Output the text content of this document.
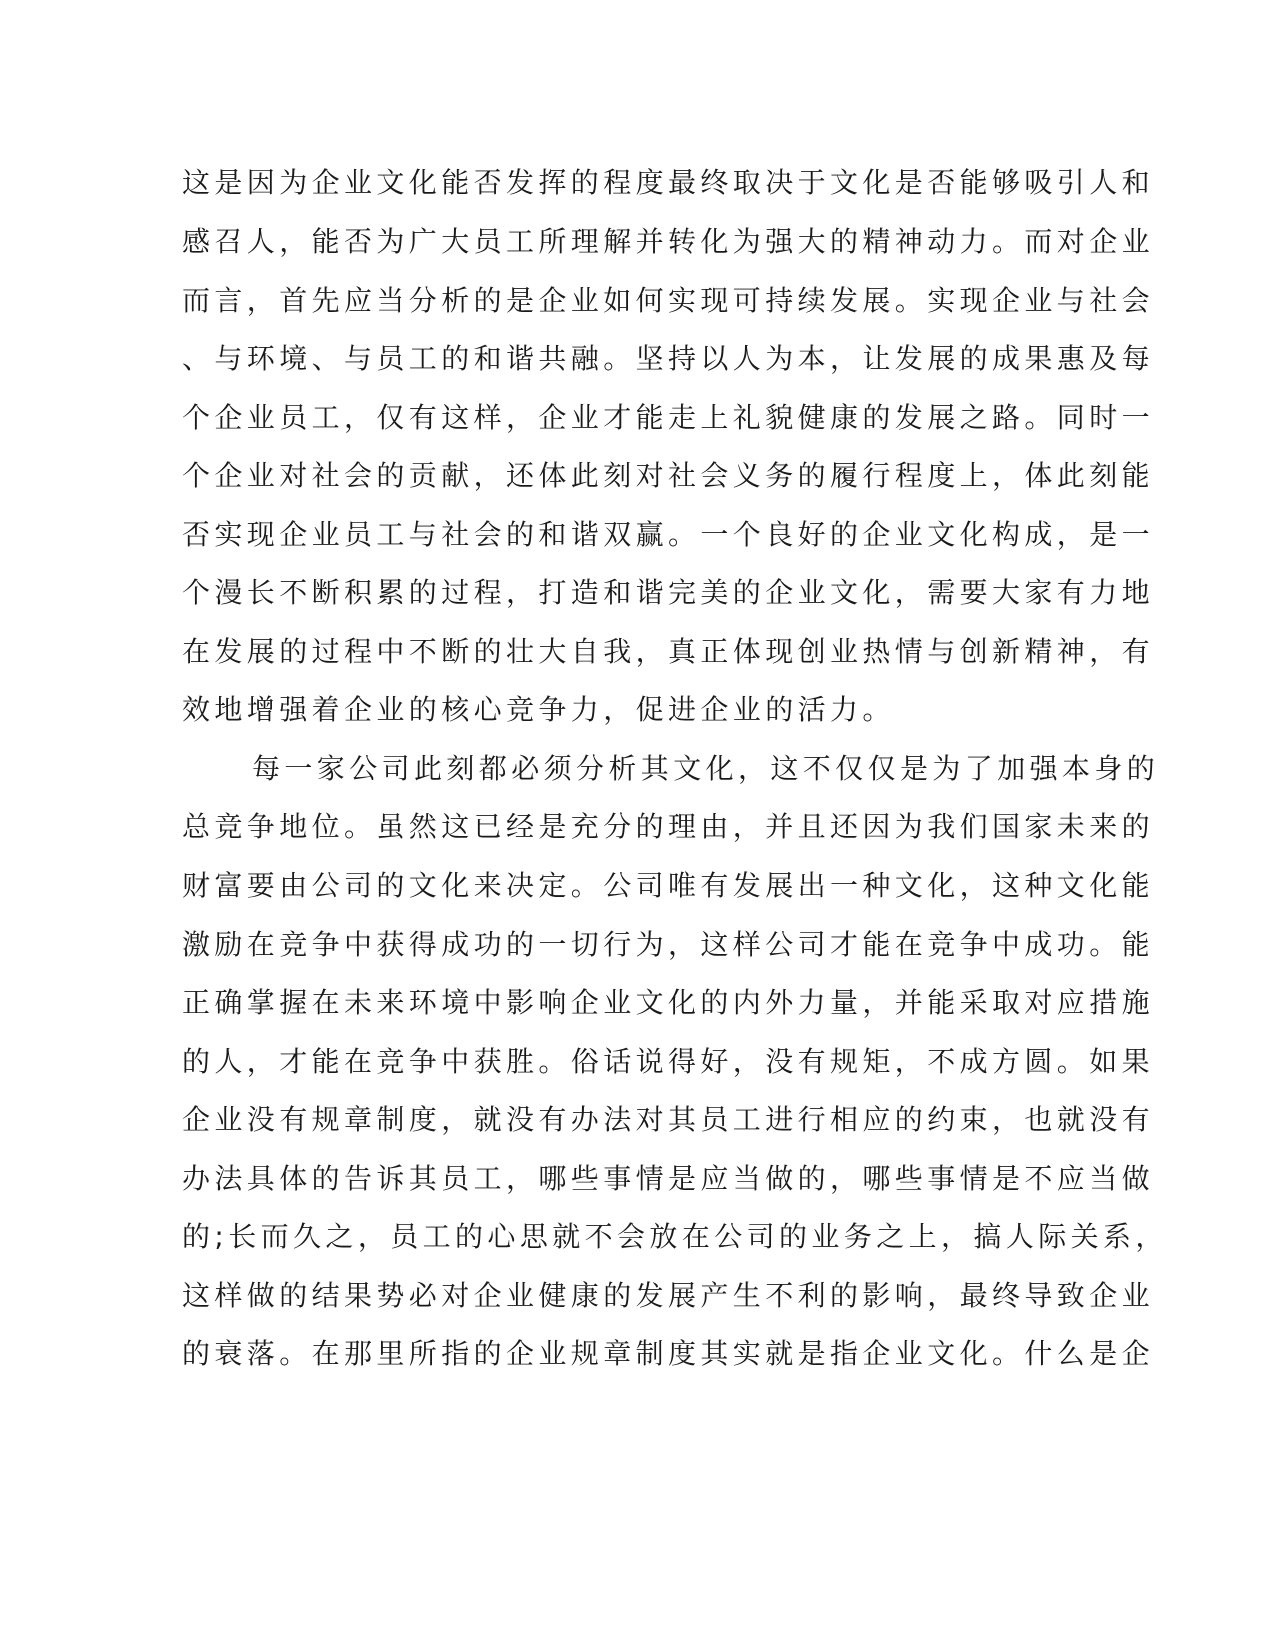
这是因为企业文化能否发挥的程度最终取决于文化是否能够吸引人和
感召人，能否为广大员工所理解并转化为强大的精神动力。而对企业
而言，首先应当分析的是企业如何实现可持续发展。实现企业与社会
、与环境、与员工的和谐共融。坚持以人为本，让发展的成果惠及每
个企业员工，仅有这样，企业才能走上礼貌健康的发展之路。同时一
个企业对社会的贡献，还体此刻对社会义务的履行程度上，体此刻能
否实现企业员工与社会的和谐双赢。一个良好的企业文化构成，是一
个漫长不断积累的过程，打造和谐完美的企业文化，需要大家有力地
在发展的过程中不断的壮大自我，真正体现创业热情与创新精神，有
效地增强着企业的核心竞争力，促进企业的活力。
每一家公司此刻都必须分析其文化，这不仅仅是为了加强本身的
总竞争地位。虽然这已经是充分的理由，并且还因为我们国家未来的
财富要由公司的文化来决定。公司唯有发展出一种文化，这种文化能
激励在竞争中获得成功的一切行为，这样公司才能在竞争中成功。能
正确掌握在未来环境中影响企业文化的内外力量，并能采取对应措施
的人，才能在竞争中获胜。俗话说得好，没有规矩，不成方圆。如果
企业没有规章制度，就没有办法对其员工进行相应的约束，也就没有
办法具体的告诉其员工，哪些事情是应当做的，哪些事情是不应当做
的;长而久之，员工的心思就不会放在公司的业务之上，搞人际关系，
这样做的结果势必对企业健康的发展产生不利的影响，最终导致企业
的衰落。在那里所指的企业规章制度其实就是指企业文化。什么是企
